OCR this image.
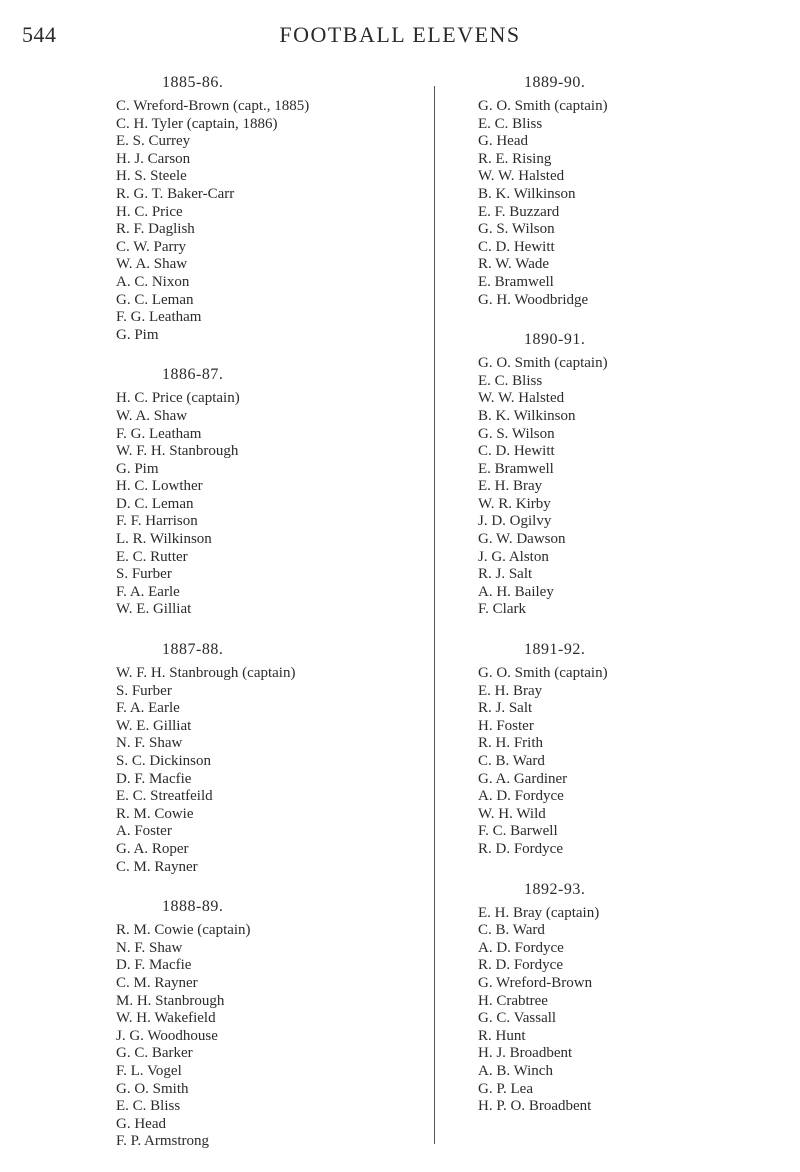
544	FOOTBALL ELEVENS
1885-86.
C. Wreford-Brown (capt., 1885)
C. H. Tyler (captain, 1886)
E. S. Currey
H. J. Carson
H. S. Steele
R. G. T. Baker-Carr
H. C. Price
R. F. Daglish
C. W. Parry
W. A. Shaw
A. C. Nixon
G. C. Leman
F. G. Leatham
G. Pim
1886-87.
H. C. Price (captain)
W. A. Shaw
F. G. Leatham
W. F. H. Stanbrough
G. Pim
H. C. Lowther
D. C. Leman
F. F. Harrison
L. R. Wilkinson
E. C. Rutter
S. Furber
F. A. Earle
W. E. Gilliat
1887-88.
W. F. H. Stanbrough (captain)
S. Furber
F. A. Earle
W. E. Gilliat
N. F. Shaw
S. C. Dickinson
D. F. Macfie
E. C. Streatfeild
R. M. Cowie
A. Foster
G. A. Roper
C. M. Rayner
1888-89.
R. M. Cowie (captain)
N. F. Shaw
D. F. Macfie
C. M. Rayner
M. H. Stanbrough
W. H. Wakefield
J. G. Woodhouse
G. C. Barker
F. L. Vogel
G. O. Smith
E. C. Bliss
G. Head
F. P. Armstrong
1889-90.
G. O. Smith (captain)
E. C. Bliss
G. Head
R. E. Rising
W. W. Halsted
B. K. Wilkinson
E. F. Buzzard
G. S. Wilson
C. D. Hewitt
R. W. Wade
E. Bramwell
G. H. Woodbridge
1890-91.
G. O. Smith (captain)
E. C. Bliss
W. W. Halsted
B. K. Wilkinson
G. S. Wilson
C. D. Hewitt
E. Bramwell
E. H. Bray
W. R. Kirby
J. D. Ogilvy
G. W. Dawson
J. G. Alston
R. J. Salt
A. H. Bailey
F. Clark
1891-92.
G. O. Smith (captain)
E. H. Bray
R. J. Salt
H. Foster
R. H. Frith
C. B. Ward
G. A. Gardiner
A. D. Fordyce
W. H. Wild
F. C. Barwell
R. D. Fordyce
1892-93.
E. H. Bray (captain)
C. B. Ward
A. D. Fordyce
R. D. Fordyce
G. Wreford-Brown
H. Crabtree
G. C. Vassall
R. Hunt
H. J. Broadbent
A. B. Winch
G. P. Lea
H. P. O. Broadbent
